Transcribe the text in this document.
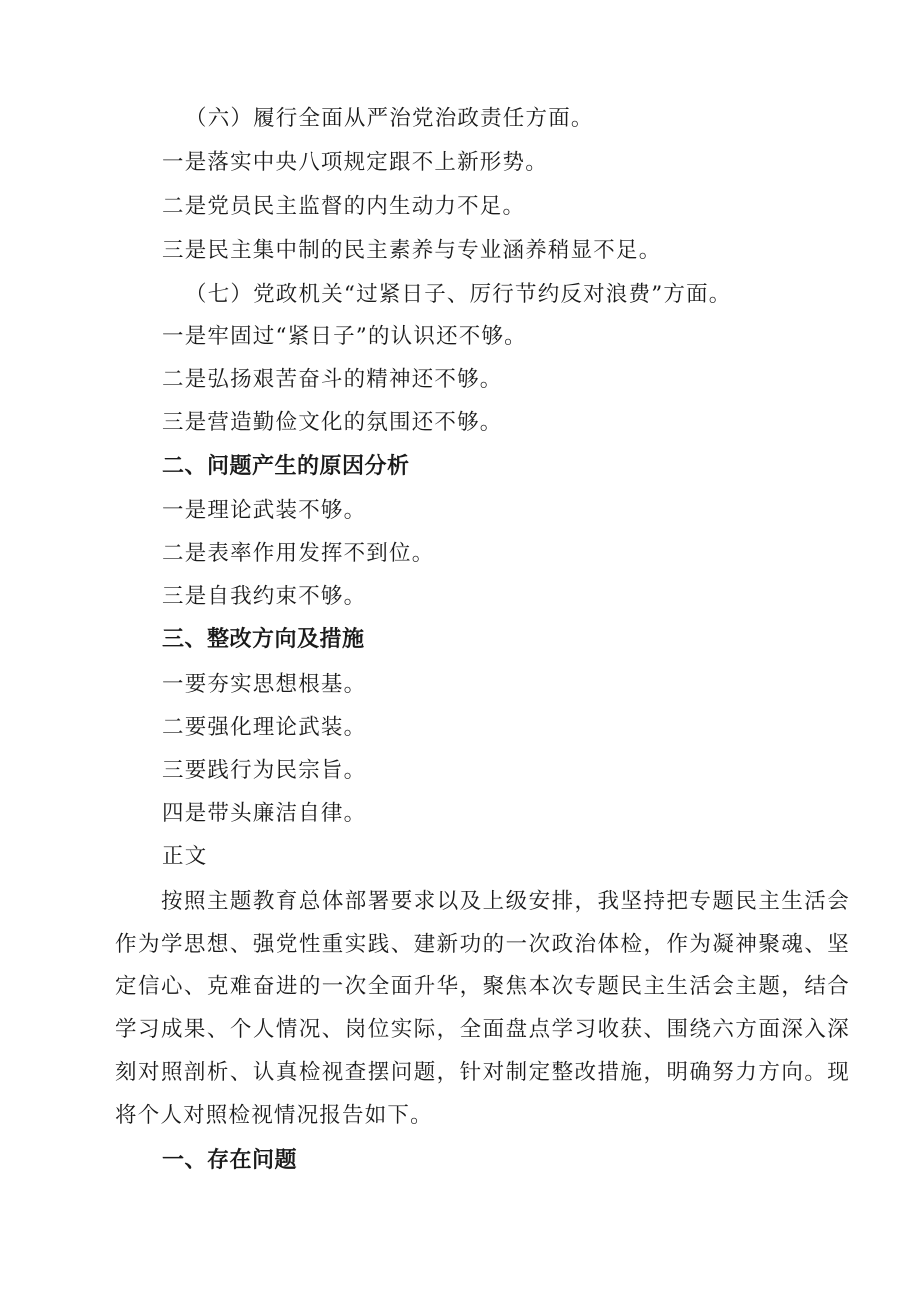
（六）履行全面从严治党治政责任方面。
一是落实中央八项规定跟不上新形势。
二是党员民主监督的内生动力不足。
三是民主集中制的民主素养与专业涵养稍显不足。
（七）党政机关“过紧日子、厉行节约反对浪费”方面。
一是牢固过“紧日子”的认识还不够。
二是弘扬艰苦奋斗的精神还不够。
三是营造勤俭文化的氛围还不够。
二、问题产生的原因分析
一是理论武装不够。
二是表率作用发挥不到位。
三是自我约束不够。
三、整改方向及措施
一要夯实思想根基。
二要强化理论武装。
三要践行为民宗旨。
四是带头廉洁自律。
正文
按照主题教育总体部署要求以及上级安排，我坚持把专题民主生活会作为学思想、强党性重实践、建新功的一次政治体检，作为凝神聚魂、坚定信心、克难奋进的一次全面升华，聚焦本次专题民主生活会主题，结合学习成果、个人情况、岗位实际，全面盘点学习收获、围绕六方面深入深刻对照剖析、认真检视查摆问题，针对制定整改措施，明确努力方向。现将个人对照检视情况报告如下。
一、存在问题
